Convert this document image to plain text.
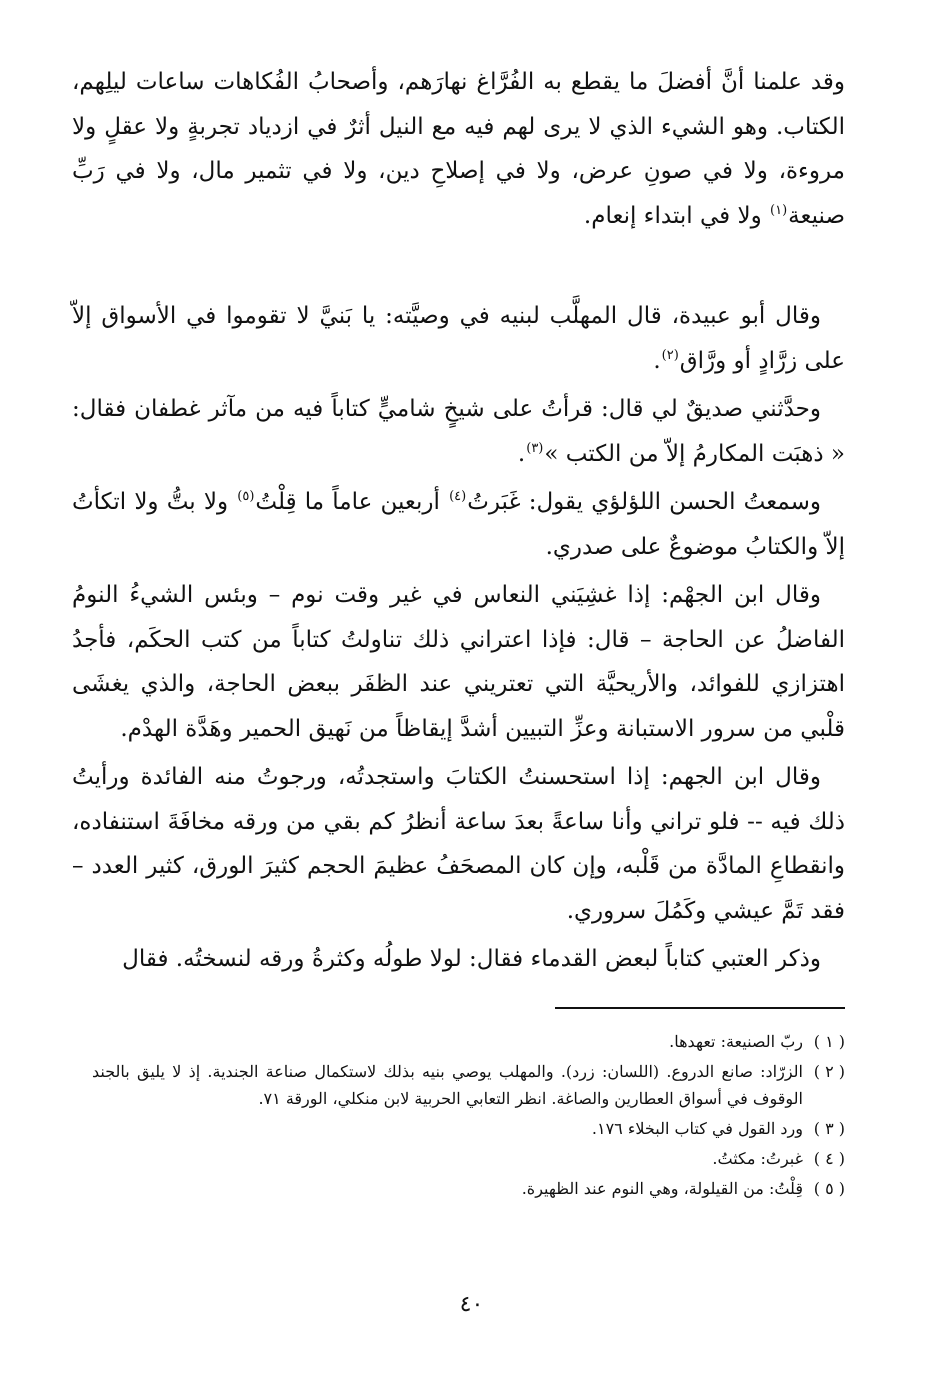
وقد علمنا أنَّ أفضلَ ما يقطع به الفُرَّاغ نهارَهم، وأصحابُ الفُكاهات ساعات ليلِهم، الكتاب. وهو الشيء الذي لا يرى لهم فيه مع النيل أثرٌ في ازدياد تجربةٍ ولا عقلٍ ولا مروءة، ولا في صونِ عرض، ولا في إصلاحِ دين، ولا في تثمير مال، ولا في رَبِّ صنيعة$^{(١)}$ ولا في ابتداء إنعام.

وقال أبو عبيدة، قال المهلَّب لبنيه في وصيَّته: يا بَنيَّ لا تقوموا في الأسواق إلاّ على زرَّادٍ أو ورَّاق$^{(٢)}$.

وحدَّثني صديقٌ لي قال: قرأتُ على شيخٍ شاميٍّ كتاباً فيه من مآثر غطفان فقال: « ذهبَت المكارمُ إلاّ من الكتب »$^{(٣)}$.

وسمعتُ الحسن اللؤلؤي يقول: غَبَرتُ$^{(٤)}$ أربعين عاماً ما قِلْتُ$^{(٥)}$ ولا بتُّ ولا اتكأتُ إلاّ والكتابُ موضوعٌ على صدري.

وقال ابن الجهْم: إذا غشِيَني النعاس في غير وقت نوم – وبئس الشيءُ النومُ الفاضلُ عن الحاجة – قال: فإذا اعتراني ذلك تناولتُ كتاباً من كتب الحكَم، فأجدُ اهتزازي للفوائد، والأريحيَّة التي تعتريني عند الظفَر ببعض الحاجة، والذي يغشَى قلْبي من سرور الاستبانة وعزِّ التبيين أشدَّ إيقاظاً من نَهيق الحمير وهَدَّة الهدْم.

وقال ابن الجهم: إذا استحسنتُ الكتابَ واستجدتُه، ورجوتُ منه الفائدة ورأيتُ ذلك فيه -- فلو تراني وأنا ساعةً بعدَ ساعة أنظرُ كم بقي من ورقه مخافَةَ استنفاده، وانقطاعِ المادَّة من قَلْبه، وإن كان المصحَفُ عظيمَ الحجم كثيرَ الورق، كثير العدد – فقد تَمَّ عيشي وكَمُلَ سروري.

وذكر العتبي كتاباً لبعض القدماء فقال: لولا طولُه وكثرةُ ورقه لنسختُه. فقال

( ١ )
ربّ الصنيعة: تعهدها.
( ٢ )
الزرّاد: صانع الدروع. (اللسان: زرد). والمهلب يوصي بنيه بذلك لاستكمال صناعة الجندية. إذ لا يليق بالجند الوقوف في أسواق العطارين والصاغة. انظر التعابي الحربية لابن منكلي، الورقة ٧١.
( ٣ )
ورد القول في كتاب البخلاء ١٧٦.
( ٤ )
غبرتُ: مكثتُ.
( ٥ )
قِلْتُ: من القيلولة، وهي النوم عند الظهيرة.
٤٠
